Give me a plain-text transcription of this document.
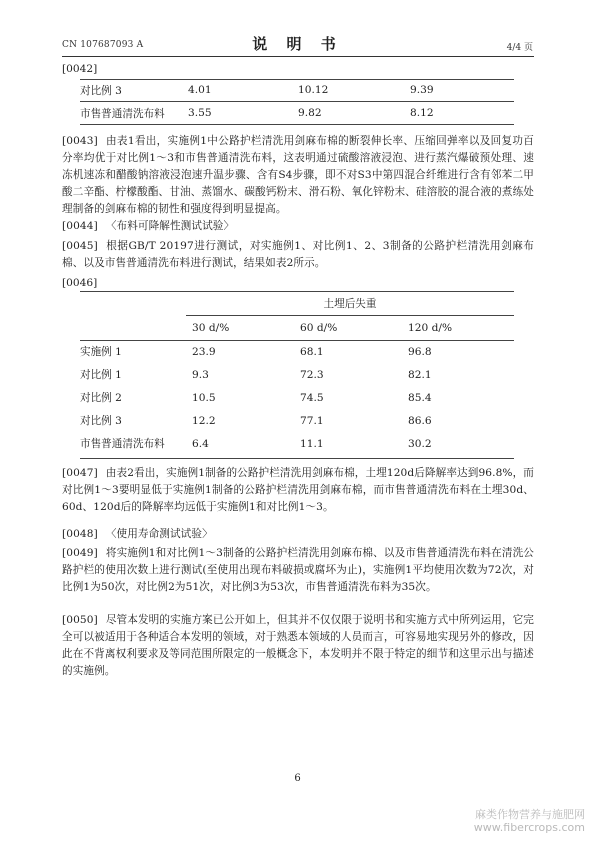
CN 107687093 A	说 明 书	4/4 页
[0042]
对比例 3	4.01	10.12	9.39
市售普通清洗布料	3.55	9.82	8.12
[0043] 由表1看出，实施例1中公路护栏清洗用剑麻布棉的断裂伸长率、压缩回弹率以及回复功百分率均优于对比例1～3和市售普通清洗布料，这表明通过硫酸溶液浸泡、进行蒸汽爆破预处理、速冻机速冻和醋酸钠溶液浸泡速升温步骤、含有S4步骤，即不对S3中第四混合纤维进行含有邻苯二甲酸二辛酯、柠檬酸酯、甘油、蒸馏水、碳酸钙粉末、滑石粉、氧化锌粉末、硅溶胶的混合液的煮练处理制备的剑麻布棉的韧性和强度得到明显提高。
[0044] 〈布料可降解性测试试验〉
[0045] 根据GB/T 20197进行测试，对实施例1、对比例1、2、3制备的公路护栏清洗用剑麻布棉、以及市售普通清洗布料进行测试，结果如表2所示。
[0046]
	土埋后失重		
	30 d/%	60 d/%	120 d/%
实施例 1	23.9	68.1	96.8
对比例 1	9.3	72.3	82.1
对比例 2	10.5	74.5	85.4
对比例 3	12.2	77.1	86.6
市售普通清洗布料	6.4	11.1	30.2
[0047] 由表2看出，实施例1制备的公路护栏清洗用剑麻布棉，土埋120d后降解率达到96.8%，而对比例1～3要明显低于实施例1制备的公路护栏清洗用剑麻布棉，而市售普通清洗布料在土埋30d、60d、120d后的降解率均远低于实施例1和对比例1～3。
[0048] 〈使用寿命测试试验〉
[0049] 将实施例1和对比例1～3制备的公路护栏清洗用剑麻布棉、以及市售普通清洗布料在清洗公路护栏的使用次数上进行测试(至使用出现布料破损或腐坏为止)，实施例1平均使用次数为72次，对比例1为50次，对比例2为51次，对比例3为53次，市售普通清洗布料为35次。
[0050] 尽管本发明的实施方案已公开如上，但其并不仅仅限于说明书和实施方式中所列运用，它完全可以被适用于各种适合本发明的领域，对于熟悉本领域的人员而言，可容易地实现另外的修改，因此在不背离权利要求及等同范围所限定的一般概念下，本发明并不限于特定的细节和这里示出与描述的实施例。
6
麻类作物营养与施肥网
www.fibercrops.com
